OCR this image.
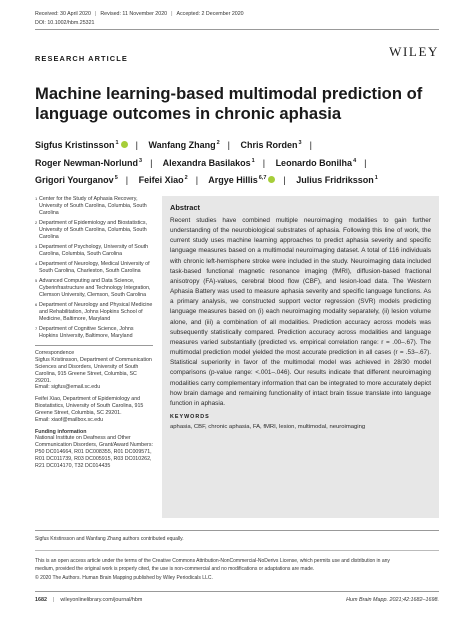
Received: 30 April 2020 | Revised: 11 November 2020 | Accepted: 2 December 2020
DOI: 10.1002/hbm.25321
RESEARCH ARTICLE	WILEY
Machine learning-based multimodal prediction of language outcomes in chronic aphasia
Sigfus Kristinsson$^1$ | Wanfang Zhang$^2$ | Chris Rorden$^3$ |
Roger Newman-Norlund$^3$ | Alexandra Basilakos$^1$ | Leonardo Bonilha$^4$ |
Grigori Yourganov$^5$ | Feifei Xiao$^2$ | Argye Hillis$^{6,7}$ | Julius Fridriksson$^1$
1 Center for the Study of Aphasia Recovery, University of South Carolina, Columbia, South Carolina
2 Department of Epidemiology and Biostatistics, University of South Carolina, Columbia, South Carolina
3 Department of Psychology, University of South Carolina, Columbia, South Carolina
4 Department of Neurology, Medical University of South Carolina, Charleston, South Carolina
5 Advanced Computing and Data Science, Cyberinfrastructure and Technology Integration, Clemson University, Clemson, South Carolina
6 Department of Neurology and Physical Medicine and Rehabilitation, Johns Hopkins School of Medicine, Baltimore, Maryland
7 Department of Cognitive Science, Johns Hopkins University, Baltimore, Maryland
Correspondence
Sigfus Kristinsson, Department of Communication Sciences and Disorders, University of South Carolina, 915 Greene Street, Columbia, SC 29201.
Email: sigfus@email.sc.edu
Feifei Xiao, Department of Epidemiology and Biostatistics, University of South Carolina, 915 Greene Street, Columbia, SC 29201.
Email: xiaof@mailbox.sc.edu
Funding information
National Institute on Deafness and Other Communication Disorders, Grant/Award Numbers: P50 DC014664, R01 DC008355, R01 DC009571, R01 DC011739, R03 DC005915, R03 DC010262, R21 DC014170, T32 DC014435
Abstract
Recent studies have combined multiple neuroimaging modalities to gain further understanding of the neurobiological substrates of aphasia. Following this line of work, the current study uses machine learning approaches to predict aphasia severity and specific language measures based on a multimodal neuroimaging dataset. A total of 116 individuals with chronic left-hemisphere stroke were included in the study. Neuroimaging data included task-based functional magnetic resonance imaging (fMRI), diffusion-based fractional anisotropy (FA)-values, cerebral blood flow (CBF), and lesion-load data. The Western Aphasia Battery was used to measure aphasia severity and specific language functions. As a primary analysis, we constructed support vector regression (SVR) models predicting language measures based on (i) each neuroimaging modality separately, (ii) lesion volume alone, and (iii) a combination of all modalities. Prediction accuracy across models was subsequently statistically compared. Prediction accuracy across modalities and language measures varied substantially (predicted vs. empirical correlation range: r = .00–.67). The multimodal prediction model yielded the most accurate prediction in all cases (r = .53–.67). Statistical superiority in favor of the multimodal model was achieved in 28/30 model comparisons (p-value range: <.001–.046). Our results indicate that different neuroimaging modalities carry complementary information that can be integrated to more accurately depict how brain damage and remaining functionality of intact brain tissue translate into language function in aphasia.
KEYWORDS
aphasia, CBF, chronic aphasia, FA, fMRI, lesion, multimodal, neuroimaging
Sigfus Kristinsson and Wanfang Zhang authors contributed equally.
This is an open access article under the terms of the Creative Commons Attribution-NonCommercial-NoDerivs License, which permits use and distribution in any
medium, provided the original work is properly cited, the use is non-commercial and no modifications or adaptations are made.
© 2020 The Authors. Human Brain Mapping published by Wiley Periodicals LLC.
1682 | wileyonlinelibrary.com/journal/hbm	Hum Brain Mapp. 2021;42:1682–1698.
